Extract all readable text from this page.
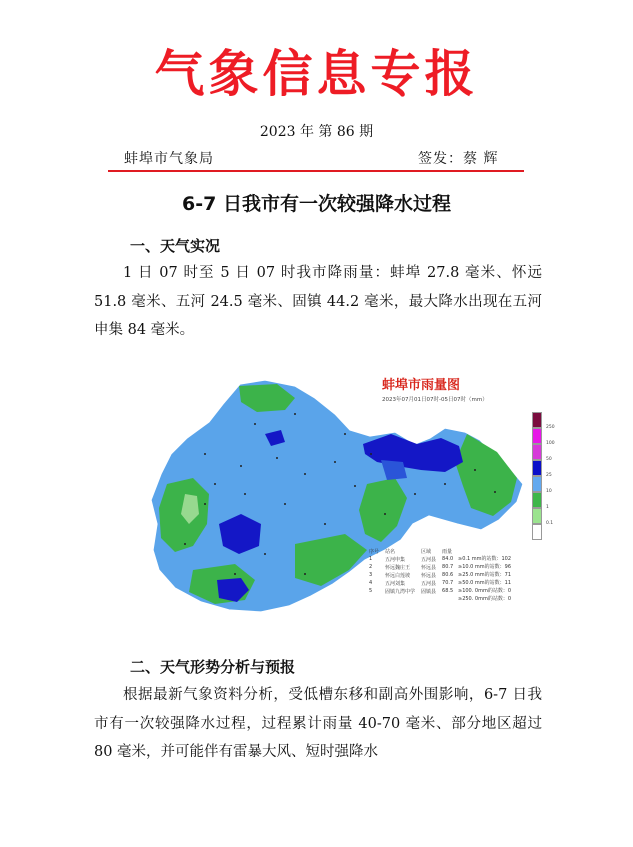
气象信息专报
2023 年 第 86 期
蚌埠市气象局	签发：蔡 辉
6-7 日我市有一次较强降水过程
一、天气实况

1 日 07 时至 5 日 07 时我市降雨量：蚌埠 27.8 毫米、怀远 51.8 毫米、五河 24.5 毫米、固镇 44.2 毫米，最大降水出现在五河申集 84 毫米。

蚌埠市雨量图
2023年07月01日07时-05日07时（mm）
250
100
50
25
10
1
0.1
序号	站名	区域	雨量
1	五河申集	五河县	84.0
2	怀远魏庄王	怀远县	80.7
3	怀远白莲坡	怀远县	80.6
4	五河刘集	五河县	70.7
5	固镇九湾中学	固镇县	68.5
≥0.1 mm的站数：102
≥10.0 mm的站数：96
≥25.0 mm的站数：71
≥50.0 mm的站数：11
≥100. 0mm的站数：0
≥250. 0mm的站数：0
二、天气形势分析与预报

根据最新气象资料分析，受低槽东移和副高外围影响，6-7 日我市有一次较强降水过程，过程累计雨量 40-70 毫米、部分地区超过 80 毫米，并可能伴有雷暴大风、短时强降水
